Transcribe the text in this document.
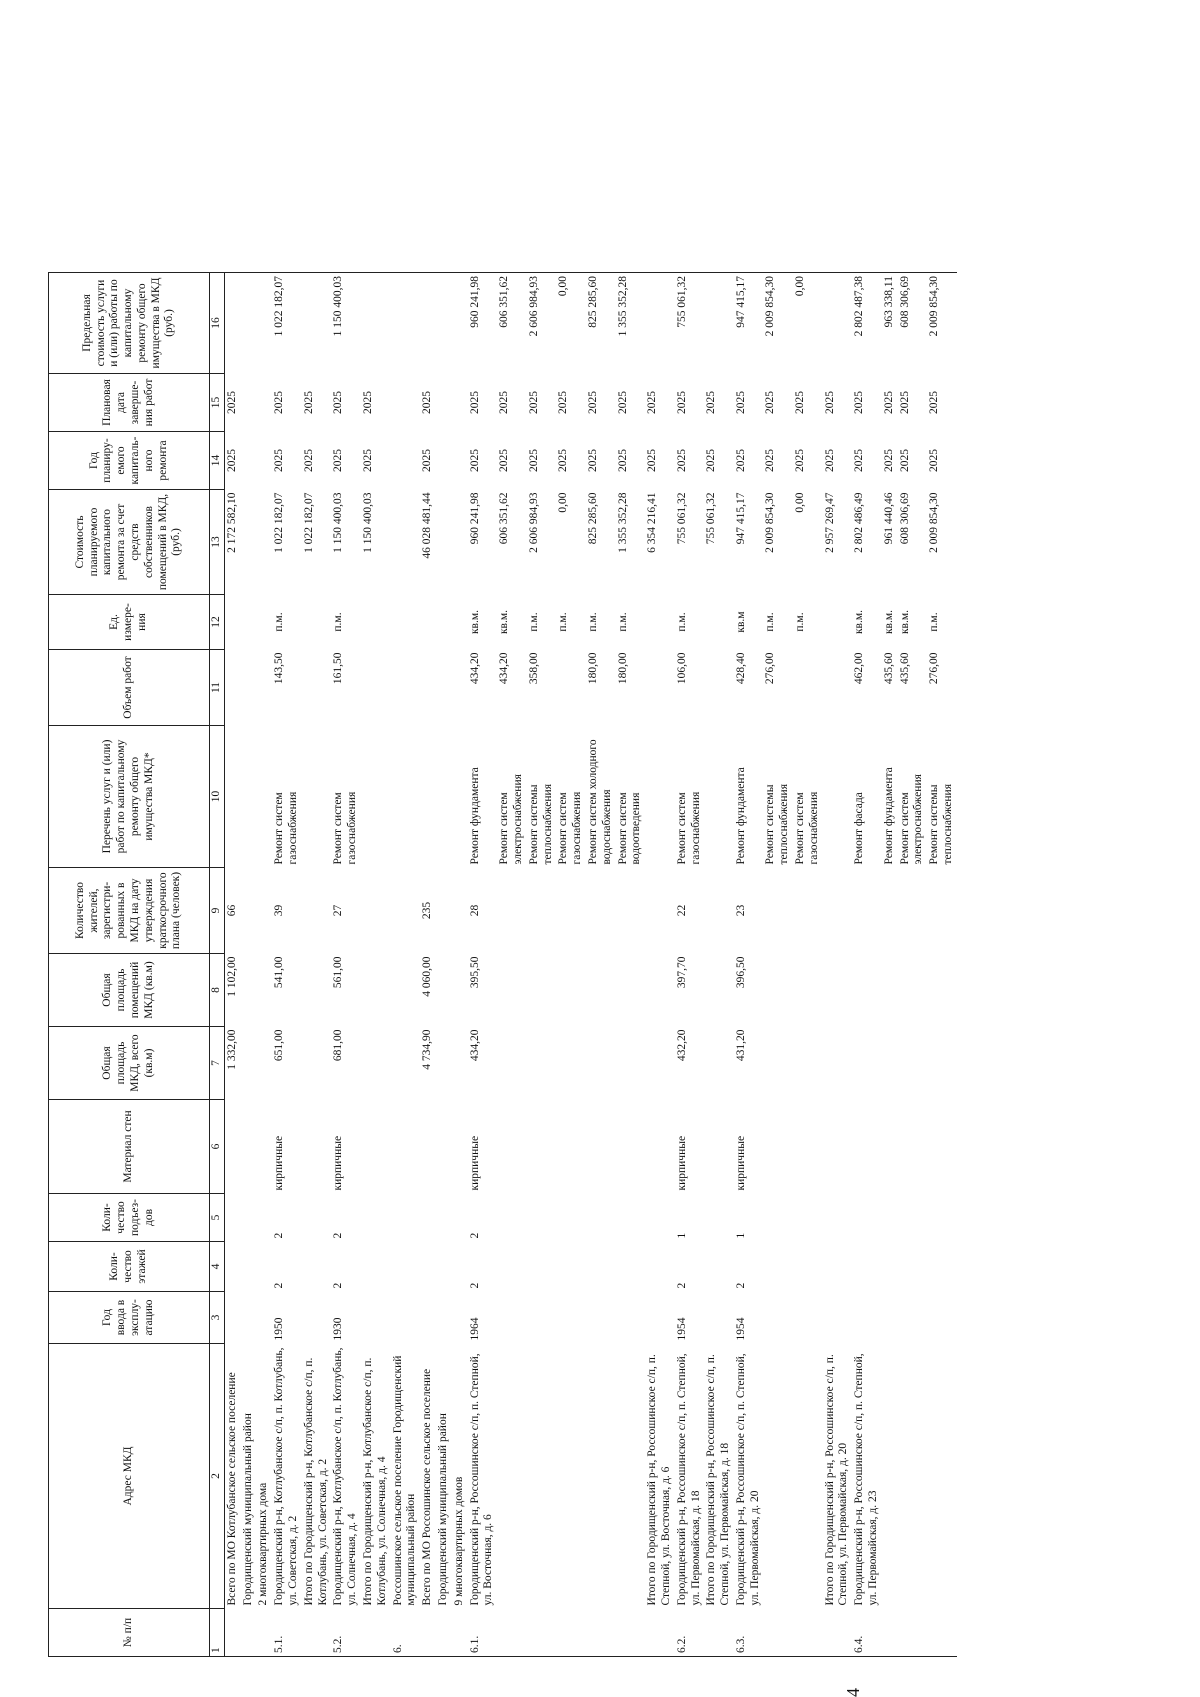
4
№ п/п	Адрес МКД	Год ввода в эксплу-атацию	Коли-чество этажей	Коли-чество подъез-дов	Материал стен	Общая площадь МКД, всего (кв.м)	Общая площадь помещений МКД (кв.м)	Количество жителей, зарегистри-рованных в МКД на дату утверждения краткосрочного плана (человек)	Перечень услуг и (или) работ по капитальному ремонту общего имущества МКД*	Объем работ	Ед. измере-ния	Стоимость планируемого капитального ремонта за счет средств собственников помещений в МКД, (руб.)	Год планиру-емого капиталь-ного ремонта	Плановая дата заверше-ния работ	Предельная стоимость услуги и (или) работы по капитальному ремонту общего имущества в МКД (руб.)
1	2	3	4	5	6	7	8	9	10	11	12	13	14	15	16
	Всего по МО Котлубанское сельское поселение					1 332,00	1 102,00	66				2 172 582,10	2025	2025	
	Городищенский муниципальный район														
	2 многоквартирных дома														
5.1.	Городищенский р-н, Котлубанское с/п, п. Котлубань, ул. Советская, д. 2	1950	2	2	кирпичные	651,00	541,00	39	Ремонт систем газоснабжения	143,50	п.м.	1 022 182,07	2025	2025	1 022 182,07
	Итого по Городищенский р-н, Котлубанское с/п, п. Котлубань, ул. Советская, д. 2											1 022 182,07	2025	2025	
5.2.	Городищенский р-н, Котлубанское с/п, п. Котлубань, ул. Солнечная, д. 4	1930	2	2	кирпичные	681,00	561,00	27	Ремонт систем газоснабжения	161,50	п.м.	1 150 400,03	2025	2025	1 150 400,03
	Итого по Городищенский р-н, Котлубанское с/п, п. Котлубань, ул. Солнечная, д. 4											1 150 400,03	2025	2025	
6.	Россошинское сельское поселение Городищенский муниципальный район														
	Всего по МО Россошинское сельское поселение					4 734,90	4 060,00	235				46 028 481,44	2025	2025	
	Городищенский муниципальный район														
	9 многоквартирных домов														
6.1.	Городищенский р-н, Россошинское с/п, п. Степной, ул. Восточная, д. 6	1964	2	2	кирпичные	434,20	395,50	28	Ремонт фундамента	434,20	кв.м.	960 241,98	2025	2025	960 241,98
									Ремонт систем электроснабжения	434,20	кв.м.	606 351,62	2025	2025	606 351,62
									Ремонт системы теплоснабжения	358,00	п.м.	2 606 984,93	2025	2025	2 606 984,93
									Ремонт систем газоснабжения		п.м.	0,00	2025	2025	0,00
									Ремонт систем холодного водоснабжения	180,00	п.м.	825 285,60	2025	2025	825 285,60
									Ремонт систем водоотведения	180,00	п.м.	1 355 352,28	2025	2025	1 355 352,28
	Итого по Городищенский р-н, Россошинское с/п, п. Степной, ул. Восточная, д. 6											6 354 216,41	2025	2025	
6.2.	Городищенский р-н, Россошинское с/п, п. Степной, ул. Первомайская, д. 18	1954	2	1	кирпичные	432,20	397,70	22	Ремонт систем газоснабжения	106,00	п.м.	755 061,32	2025	2025	755 061,32
	Итого по Городищенский р-н, Россошинское с/п, п. Степной, ул. Первомайская, д. 18											755 061,32	2025	2025	
6.3.	Городищенский р-н, Россошинское с/п, п. Степной, ул. Первомайская, д. 20	1954	2	1	кирпичные	431,20	396,50	23	Ремонт фундамента	428,40	кв.м	947 415,17	2025	2025	947 415,17
									Ремонт системы теплоснабжения	276,00	п.м.	2 009 854,30	2025	2025	2 009 854,30
									Ремонт систем газоснабжения		п.м.	0,00	2025	2025	0,00
	Итого по Городищенский р-н, Россошинское с/п, п. Степной, ул. Первомайская, д. 20											2 957 269,47	2025	2025	
6.4.	Городищенский р-н, Россошинское с/п, п. Степной, ул. Первомайская, д. 23								Ремонт фасада	462,00	кв.м.	2 802 486,49	2025	2025	2 802 487,38
									Ремонт фундамента	435,60	кв.м.	961 440,46	2025	2025	963 338,11
									Ремонт систем электроснабжения	435,60	кв.м.	608 306,69	2025	2025	608 306,69
									Ремонт системы теплоснабжения	276,00	п.м.	2 009 854,30	2025	2025	2 009 854,30
